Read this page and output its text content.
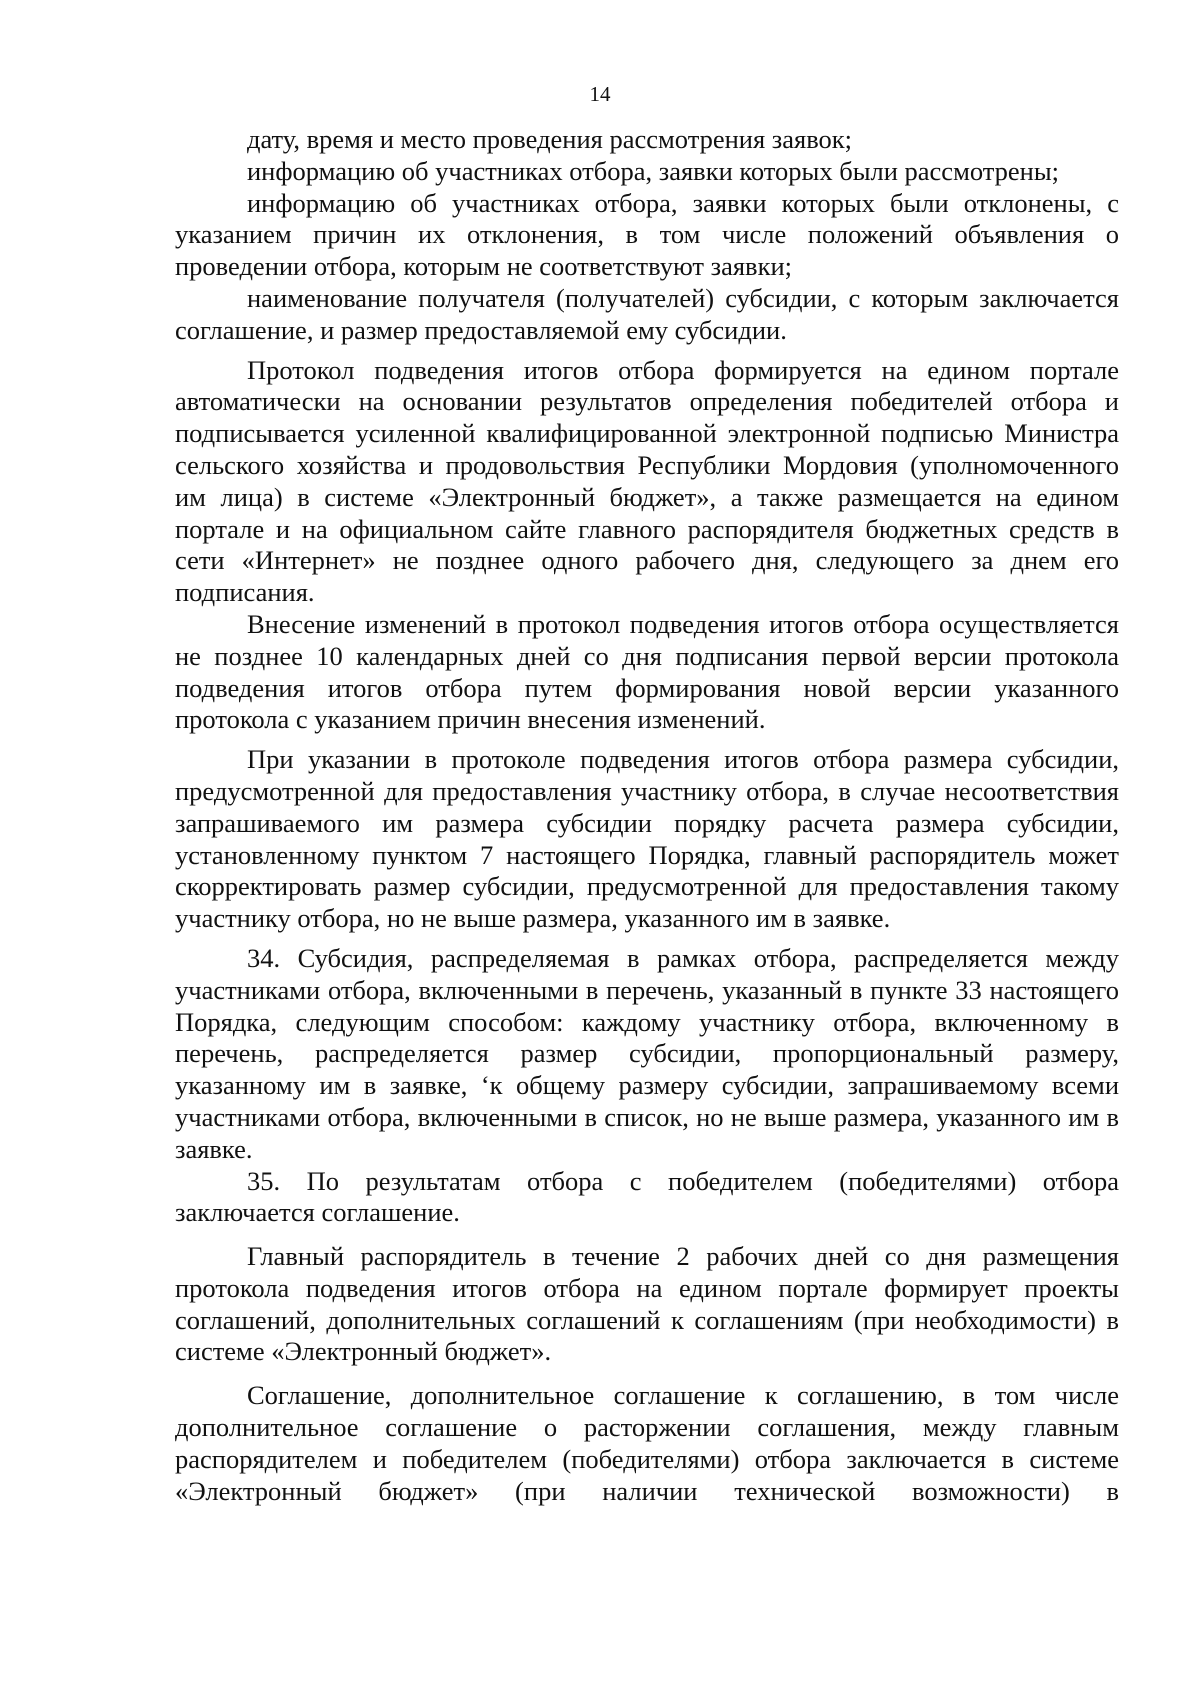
14

дату, время и место проведения рассмотрения заявок;

информацию об участниках отбора, заявки которых были рассмотрены;

информацию об участниках отбора, заявки которых были отклонены, с указанием причин их отклонения, в том числе положений объявления о проведении отбора, которым не соответствуют заявки;

наименование получателя (получателей) субсидии, с которым заключается соглашение, и размер предоставляемой ему субсидии.

Протокол подведения итогов отбора формируется на едином портале автоматически на основании результатов определения победителей отбора и подписывается усиленной квалифицированной электронной подписью Министра сельского хозяйства и продовольствия Республики Мордовия (уполномоченного им лица) в системе «Электронный бюджет», а также размещается на едином портале и на официальном сайте главного распорядителя бюджетных средств в сети «Интернет» не позднее одного рабочего дня, следующего за днем его подписания.

Внесение изменений в протокол подведения итогов отбора осуществляется не позднее 10 календарных дней со дня подписания первой версии протокола подведения итогов отбора путем формирования новой версии указанного протокола с указанием причин внесения изменений.

При указании в протоколе подведения итогов отбора размера субсидии, предусмотренной для предоставления участнику отбора, в случае несоответствия запрашиваемого им размера субсидии порядку расчета размера субсидии, установленному пунктом 7 настоящего Порядка, главный распорядитель может скорректировать размер субсидии, предусмотренной для предоставления такому участнику отбора, но не выше размера, указанного им в заявке.

34. Субсидия, распределяемая в рамках отбора, распределяется между участниками отбора, включенными в перечень, указанный в пункте 33 настоящего Порядка, следующим способом: каждому участнику отбора, включенному в перечень, распределяется размер субсидии, пропорциональный размеру, указанному им в заявке, ‘к общему размеру субсидии, запрашиваемому всеми участниками отбора, включенными в список, но не выше размера, указанного им в заявке.

35. По результатам отбора с победителем (победителями) отбора заключается соглашение.

Главный распорядитель в течение 2 рабочих дней со дня размещения протокола подведения итогов отбора на едином портале формирует проекты соглашений, дополнительных соглашений к соглашениям (при необходимости) в системе «Электронный бюджет».

Соглашение, дополнительное соглашение к соглашению, в том числе дополнительное соглашение о расторжении соглашения, между главным распорядителем и победителем (победителями) отбора заключается в системе «Электронный бюджет» (при наличии технической возможности) в
